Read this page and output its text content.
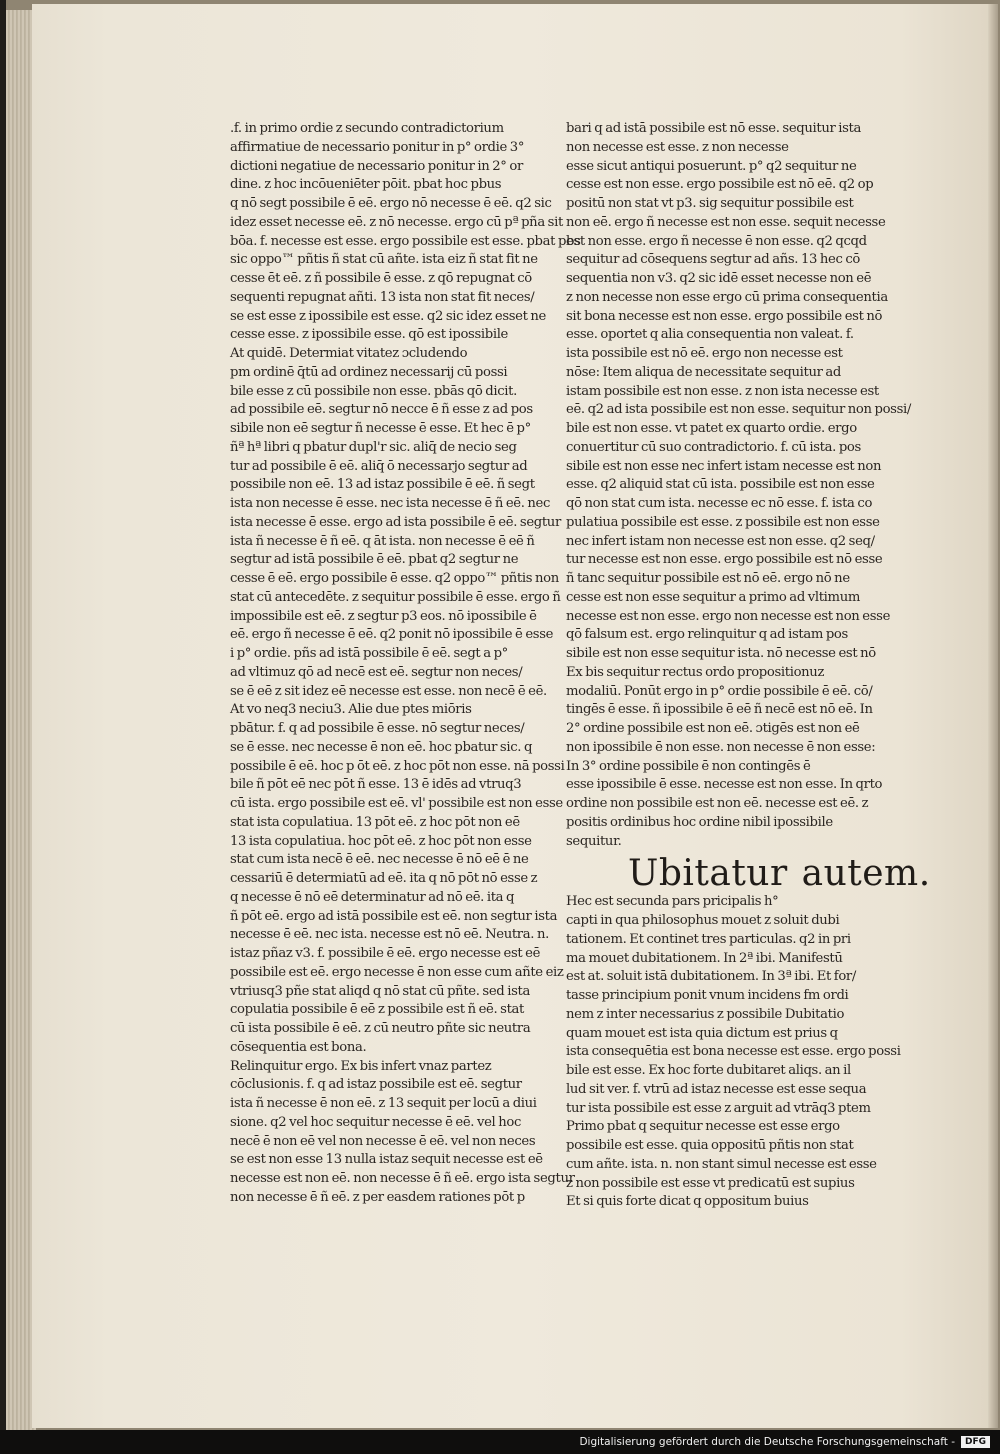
.f. in primo ordie z secundo contradictorium
affirmatiue de necessario ponitur in p° ordie 3°
dictioni negatiue de necessario ponitur in 2° or
dine. z hoc incōueniēter pōit. pbat hoc pbus
q nō segt possibile ē eē. ergo nō necesse ē eē. q2 sic
idez esset necesse eē. z nō necesse. ergo cū pª pña sit
bōa. f. necesse est esse. ergo possibile est esse. pbat pbs
sic oppo™ pñtis ñ stat cū añte. ista eiz ñ stat fit ne
cesse ēt eē. z ñ possibile ē esse. z qō repugnat cō
sequenti repugnat añti. 13 ista non stat fit neces/
se est esse z ipossibile est esse. q2 sic idez esset ne
cesse esse. z ipossibile esse. qō est ipossibile
At quidē. Determiat vitatez ɔcludendo
pm ordinē q̄tū ad ordinez necessarij cū possi
bile esse z cū possibile non esse. pbās qō dicit.
ad possibile eē. segtur nō necce ē ñ esse z ad pos
sibile non eē segtur ñ necesse ē esse. Et hec ē p°
ñª hª libri q pbatur dupl'r sic. aliq̄ de necio seg
tur ad possibile ē eē. aliq̄ ō necessarjo segtur ad
possibile non eē. 13 ad istaz possibile ē eē. ñ segt
ista non necesse ē esse. nec ista necesse ē ñ eē. nec
ista necesse ē esse. ergo ad ista possibile ē eē. segtur
ista ñ necesse ē ñ eē. q āt ista. non necesse ē eē ñ
segtur ad istā possibile ē eē. pbat q2 segtur ne
cesse ē eē. ergo possibile ē esse. q2 oppo™ pñtis non
stat cū antecedēte. z sequitur possibile ē esse. ergo ñ
impossibile est eē. z segtur p3 eos. nō ipossibile ē
eē. ergo ñ necesse ē eē. q2 ponit nō ipossibile ē esse
i p° ordie. pñs ad istā possibile ē eē. segt a p°
ad vltimuz qō ad necē est eē. segtur non neces/
se ē eē z sit idez eē necesse est esse. non necē ē eē.
At vo neq3 neciu3. Alie due ptes miōris
pbātur. f. q ad possibile ē esse. nō segtur neces/
se ē esse. nec necesse ē non eē. hoc pbatur sic. q
possibile ē eē. hoc p ōt eē. z hoc pōt non esse. nā possi
bile ñ pōt eē nec pōt ñ esse. 13 ē idēs ad vtruq3
cū ista. ergo possibile est eē. vl' possibile est non esse
stat ista copulatiua. 13 pōt eē. z hoc pōt non eē
13 ista copulatiua. hoc pōt eē. z hoc pōt non esse
stat cum ista necē ē eē. nec necesse ē nō eē ē ne
cessariū ē determiatū ad eē. ita q nō pōt nō esse z
q necesse ē nō eē determinatur ad nō eē. ita q
ñ pōt eē. ergo ad istā possibile est eē. non segtur ista
necesse ē eē. nec ista. necesse est nō eē. Neutra. n.
istaz pñaz v3. f. possibile ē eē. ergo necesse est eē
possibile est eē. ergo necesse ē non esse cum añte eiz
vtriusq3 pñe stat aliqd q nō stat cū pñte. sed ista
copulatia possibile ē eē z possibile est ñ eē. stat
cū ista possibile ē eē. z cū neutro pñte sic neutra
cōsequentia est bona.
Relinquitur ergo. Ex bis infert vnaz partez
cōclusionis. f. q ad istaz possibile est eē. segtur
ista ñ necesse ē non eē. z 13 sequit per locū a diui
sione. q2 vel hoc sequitur necesse ē eē. vel hoc
necē ē non eē vel non necesse ē eē. vel non neces
se est non esse 13 nulla istaz sequit necesse est eē
necesse est non eē. non necesse ē ñ eē. ergo ista segtur
non necesse ē ñ eē. z per easdem rationes pōt p
bari q ad istā possibile est nō esse. sequitur ista
non necesse est esse. z non necesse
esse sicut antiqui posuerunt. p° q2 sequitur ne
cesse est non esse. ergo possibile est nō eē. q2 op
positū non stat vt p3. sig sequitur possibile est
non eē. ergo ñ necesse est non esse. sequit necesse
est non esse. ergo ñ necesse ē non esse. q2 qcqd
sequitur ad cōsequens segtur ad añs. 13 hec cō
sequentia non v3. q2 sic idē esset necesse non eē
z non necesse non esse ergo cū prima consequentia
sit bona necesse est non esse. ergo possibile est nō
esse. oportet q alia consequentia non valeat. f.
ista possibile est nō eē. ergo non necesse est
nōse: Item aliqua de necessitate sequitur ad
istam possibile est non esse. z non ista necesse est
eē. q2 ad ista possibile est non esse. sequitur non possi/
bile est non esse. vt patet ex quarto ordie. ergo
conuertitur cū suo contradictorio. f. cū ista. pos
sibile est non esse nec infert istam necesse est non
esse. q2 aliquid stat cū ista. possibile est non esse
qō non stat cum ista. necesse ec nō esse. f. ista co
pulatiua possibile est esse. z possibile est non esse
nec infert istam non necesse est non esse. q2 seq/
tur necesse est non esse. ergo possibile est nō esse
ñ tanc sequitur possibile est nō eē. ergo nō ne
cesse est non esse sequitur a primo ad vltimum
necesse est non esse. ergo non necesse est non esse
qō falsum est. ergo relinquitur q ad istam pos
sibile est non esse sequitur ista. nō necesse est nō
Ex bis sequitur rectus ordo propositionuz
modaliū. Ponūt ergo in p° ordie possibile ē eē. cō/
tingēs ē esse. ñ ipossibile ē eē ñ necē est nō eē. In
2° ordine possibile est non eē. ɔtigēs est non eē
non ipossibile ē non esse. non necesse ē non esse:
In 3° ordine possibile ē non contingēs ē
esse ipossibile ē esse. necesse est non esse. In qrto
ordine non possibile est non eē. necesse est eē. z
positis ordinibus hoc ordine nibil ipossibile
sequitur.
Ubitatur autem.
Hec est secunda pars pricipalis h°
capti in qua philosophus mouet z soluit dubi
tationem. Et continet tres particulas. q2 in pri
ma mouet dubitationem. In 2ª ibi. Manifestū
est at. soluit istā dubitationem. In 3ª ibi. Et for/
tasse principium ponit vnum incidens fm ordi
nem z inter necessarius z possibile Dubitatio
quam mouet est ista quia dictum est prius q
ista consequētia est bona necesse est esse. ergo possi
bile est esse. Ex hoc forte dubitaret aliqs. an il
lud sit ver. f. vtrū ad istaz necesse est esse sequa
tur ista possibile est esse z arguit ad vtrāq3 ptem
Primo pbat q sequitur necesse est esse ergo
possibile est esse. quia oppositū pñtis non stat
cum añte. ista. n. non stant simul necesse est esse
z non possibile est esse vt predicatū est supius
Et si quis forte dicat q oppositum buius
Digitalisierung gefördert durch die Deutsche Forschungsgemeinschaft -	DFG
